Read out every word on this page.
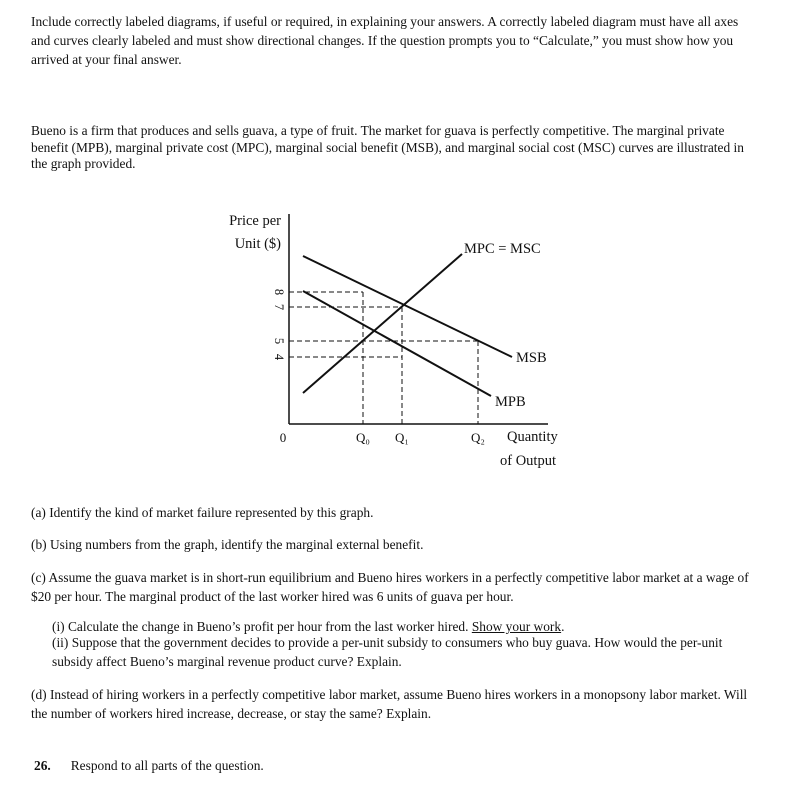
Include correctly labeled diagrams, if useful or required, in explaining your answers. A correctly labeled diagram must have all axes and curves clearly labeled and must show directional changes. If the question prompts you to “Calculate,” you must show how you arrived at your final answer.

Bueno is a firm that produces and sells guava, a type of fruit. The market for guava is perfectly competitive. The marginal private benefit (MPB), marginal private cost (MPC), marginal social benefit (MSB), and marginal social cost (MSC) curves are illustrated in the graph provided.

Price per
Unit ($)
Quantity
of Output
0
8
7
5
4
Q₀ Q₁	Q₂
MPC = MSC
MSB
MPB

(a) Identify the kind of market failure represented by this graph.

(b) Using numbers from the graph, identify the marginal external benefit.

(c) Assume the guava market is in short-run equilibrium and Bueno hires workers in a perfectly competitive labor market at a wage of $20 per hour. The marginal product of the last worker hired was 6 units of guava per hour.

(i) Calculate the change in Bueno’s profit per hour from the last worker hired. Show your work.

(ii) Suppose that the government decides to provide a per-unit subsidy to consumers who buy guava. How would the per-unit subsidy affect Bueno’s marginal revenue product curve? Explain.

(d) Instead of hiring workers in a perfectly competitive labor market, assume Bueno hires workers in a monopsony labor market. Will the number of workers hired increase, decrease, or stay the same? Explain.

26. Respond to all parts of the question.
